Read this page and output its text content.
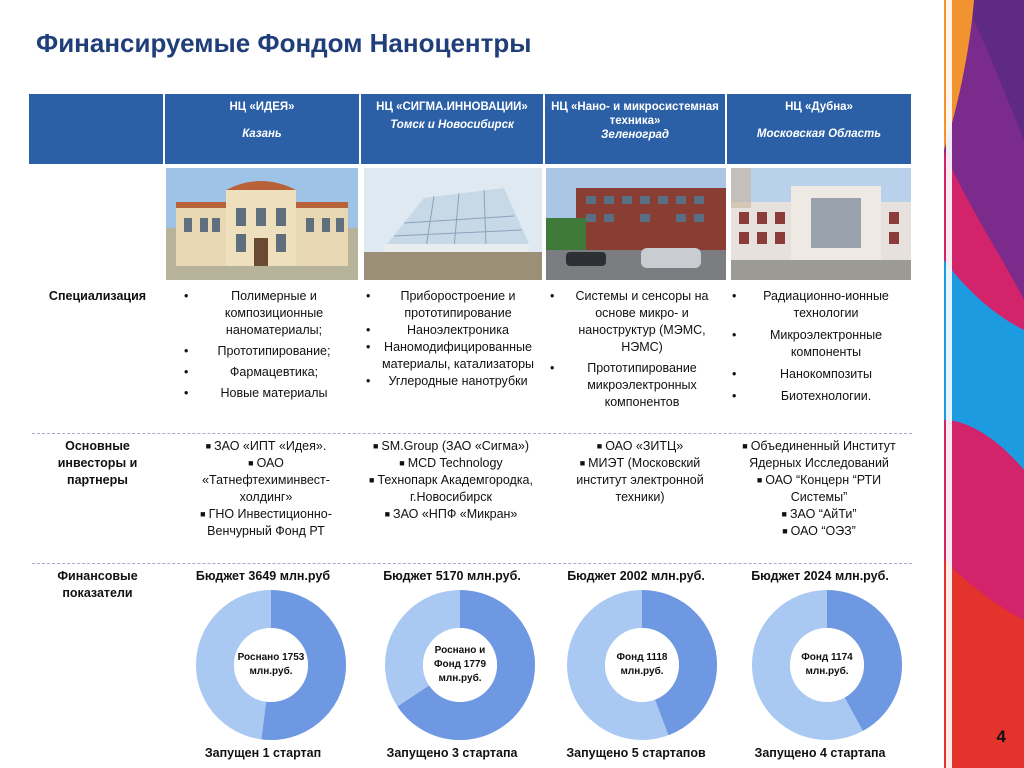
Финансируемые Фондом Наноцентры
4
НЦ «ИДЕЯ»
Казань
НЦ «СИГМА.ИННОВАЦИИ»
Томск и Новосибирск
НЦ «Нано- и микросистемная техника»
Зеленоград
НЦ «Дубна»
Московская Область
Специализация
•	Полимерные и композиционные наноматериалы;
• Прототипирование;
• Фармацевтика;
• Новые материалы
• Приборостроение и прототипирование
• Наноэлектроника
• Наномодифицированные материалы, катализаторы
• Углеродные нанотрубки
• Системы и сенсоры на основе микро- и наноструктур (МЭМС, НЭМС)
• Прототипирование микроэлектронных компонентов
• Радиационно-ионные технологии
• Микроэлектронные компоненты
• Нанокомпозиты
• Биотехнологии.
Основные инвесторы и партнеры
■ ЗАО «ИПТ «Идея».
■ ОАО «Татнефтехиминвест-холдинг»
■ ГНО Инвестиционно-Венчурный Фонд РТ
■ SM.Group (ЗАО «Сигма»)
■ MCD Technology
■ Технопарк Академгородка, г.Новосибирск
■ ЗАО «НПФ «Микран»
■ ОАО «ЗИТЦ»
■ МИЭТ (Московский институт электронной техники)
■ Объединенный Институт Ядерных Исследований
■ ОАО “Концерн “РТИ Системы”
■ ЗАО “АйТи”
■ ОАО “ОЭЗ”
Финансовые показатели
Бюджет 3649 млн.руб	Бюджет 5170 млн.руб.	Бюджет 2002 млн.руб.	Бюджет 2024 млн.руб.
Роснано 1753 млн.руб.
Роснано и Фонд 1779 млн.руб.
Фонд 1118 млн.руб.
Фонд 1174 млн.руб.
Запущен 1 стартап	Запущено 3 стартапа	Запущено 5 стартапов	Запущено 4 стартапа
